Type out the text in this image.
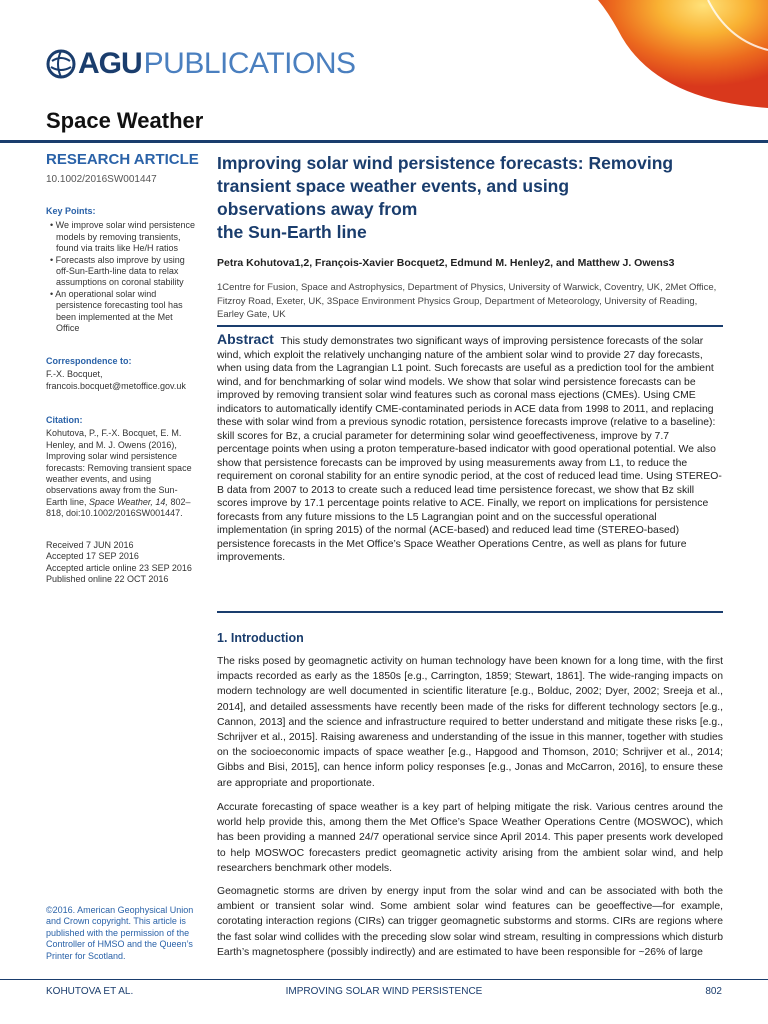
AGU PUBLICATIONS
Space Weather
RESEARCH ARTICLE
10.1002/2016SW001447
Key Points:
• We improve solar wind persistence models by removing transients, found via traits like He/H ratios
• Forecasts also improve by using off-Sun-Earth-line data to relax assumptions on coronal stability
• An operational solar wind persistence forecasting tool has been implemented at the Met Office
Correspondence to:
F.-X. Bocquet,
francois.bocquet@metoffice.gov.uk
Citation:
Kohutova, P., F.-X. Bocquet, E. M. Henley, and M. J. Owens (2016), Improving solar wind persistence forecasts: Removing transient space weather events, and using observations away from the Sun-Earth line, Space Weather, 14, 802–818, doi:10.1002/2016SW001447.
Received 7 JUN 2016
Accepted 17 SEP 2016
Accepted article online 23 SEP 2016
Published online 22 OCT 2016
©2016. American Geophysical Union and Crown copyright. This article is published with the permission of the Controller of HMSO and the Queen’s Printer for Scotland.
Improving solar wind persistence forecasts: Removing
transient space weather events, and using
observations away from
the Sun-Earth line
Petra Kohutova1,2, François-Xavier Bocquet2, Edmund M. Henley2, and Matthew J. Owens3
1Centre for Fusion, Space and Astrophysics, Department of Physics, University of Warwick, Coventry, UK, 2Met Office, Fitzroy Road, Exeter, UK, 3Space Environment Physics Group, Department of Meteorology, University of Reading, Earley Gate, UK
Abstract This study demonstrates two significant ways of improving persistence forecasts of the solar wind, which exploit the relatively unchanging nature of the ambient solar wind to provide 27 day forecasts, when using data from the Lagrangian L1 point. Such forecasts are useful as a prediction tool for the ambient wind, and for benchmarking of solar wind models. We show that solar wind persistence forecasts can be improved by removing transient solar wind features such as coronal mass ejections (CMEs). Using CME indicators to automatically identify CME-contaminated periods in ACE data from 1998 to 2011, and replacing these with solar wind from a previous synodic rotation, persistence forecasts improve (relative to a baseline): skill scores for Bz, a crucial parameter for determining solar wind geoeffectiveness, improve by 7.7 percentage points when using a proton temperature-based indicator with good operational potential. We also show that persistence forecasts can be improved by using measurements away from L1, to reduce the requirement on coronal stability for an entire synodic period, at the cost of reduced lead time. Using STEREO-B data from 2007 to 2013 to create such a reduced lead time persistence forecast, we show that Bz skill scores improve by 17.1 percentage points relative to ACE. Finally, we report on implications for persistence forecasts from any future missions to the L5 Lagrangian point and on the successful operational implementation (in spring 2015) of the normal (ACE-based) and reduced lead time (STEREO-based) persistence forecasts in the Met Office’s Space Weather Operations Centre, as well as plans for future improvements.
1. Introduction
The risks posed by geomagnetic activity on human technology have been known for a long time, with the first impacts recorded as early as the 1850s [e.g., Carrington, 1859; Stewart, 1861]. The wide-ranging impacts on modern technology are well documented in scientific literature [e.g., Bolduc, 2002; Dyer, 2002; Sreeja et al., 2014], and detailed assessments have recently been made of the risks for different technology sectors [e.g., Cannon, 2013] and the science and infrastructure required to better understand and mitigate these risks [e.g., Schrijver et al., 2015]. Raising awareness and understanding of the issue in this manner, together with studies on the socioeconomic impacts of space weather [e.g., Hapgood and Thomson, 2010; Schrijver et al., 2014; Gibbs and Bisi, 2015], can hence inform policy responses [e.g., Jonas and McCarron, 2016], to ensure these are appropriate and proportionate.
Accurate forecasting of space weather is a key part of helping mitigate the risk. Various centres around the world help provide this, among them the Met Office’s Space Weather Operations Centre (MOSWOC), which has been providing a manned 24/7 operational service since April 2014. This paper presents work developed to help MOSWOC forecasters predict geomagnetic activity arising from the ambient solar wind, and help researchers benchmark other models.
Geomagnetic storms are driven by energy input from the solar wind and can be associated with both the ambient or transient solar wind. Some ambient solar wind features can be geoeffective—for example, corotating interaction regions (CIRs) can trigger geomagnetic substorms and storms. CIRs are regions where the fast solar wind collides with the preceding slow solar wind stream, resulting in compressions which disturb Earth’s magnetosphere (possibly indirectly) and are estimated to have been responsible for ~26% of large
KOHUTOVA ET AL.	IMPROVING SOLAR WIND PERSISTENCE	802
